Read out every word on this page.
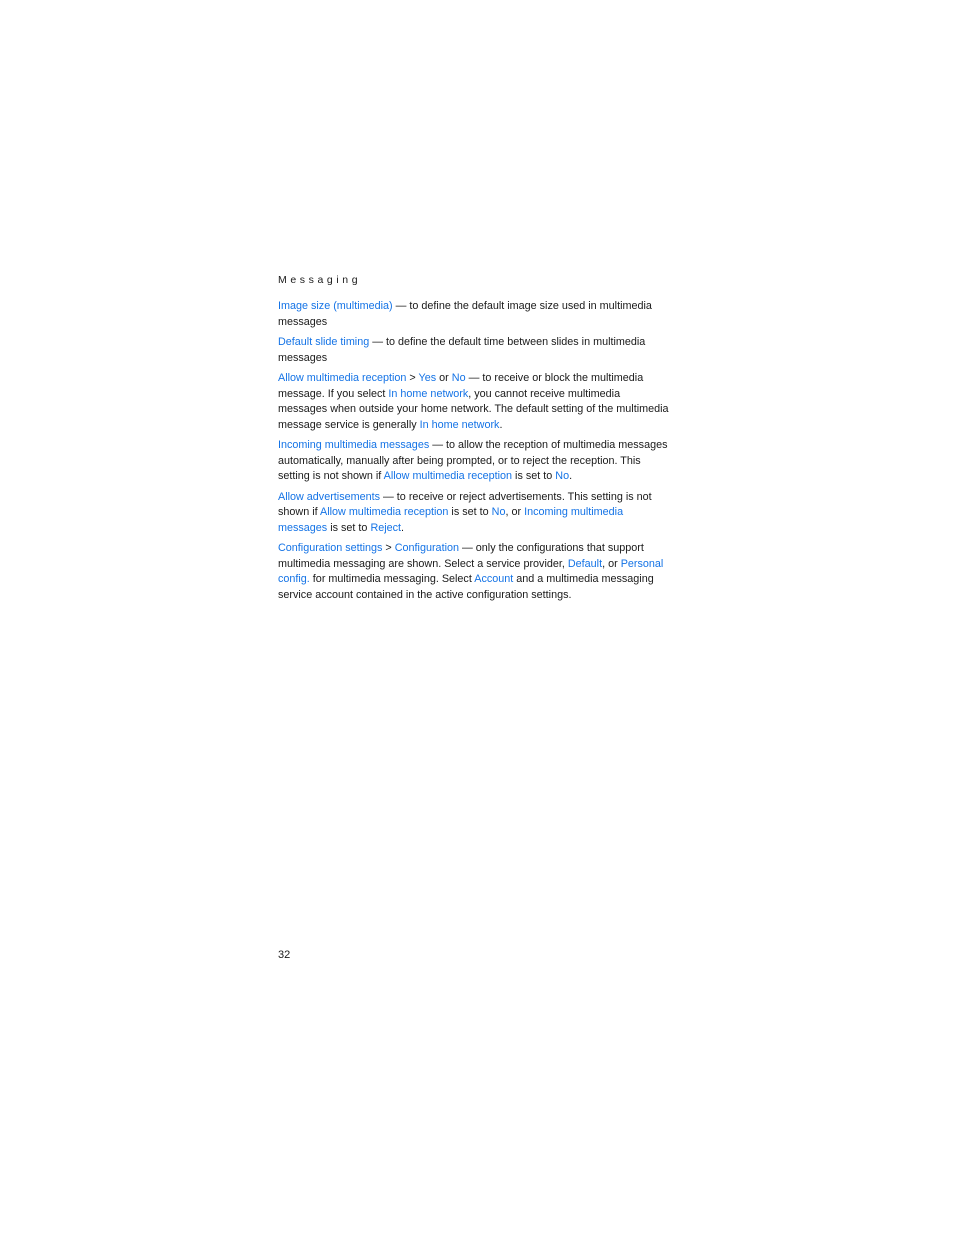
Messaging

Image size (multimedia) — to define the default image size used in multimedia messages

Default slide timing — to define the default time between slides in multimedia messages

Allow multimedia reception > Yes or No — to receive or block the multimedia message. If you select In home network, you cannot receive multimedia messages when outside your home network. The default setting of the multimedia message service is generally In home network.

Incoming multimedia messages — to allow the reception of multimedia messages automatically, manually after being prompted, or to reject the reception. This setting is not shown if Allow multimedia reception is set to No.

Allow advertisements — to receive or reject advertisements. This setting is not shown if Allow multimedia reception is set to No, or Incoming multimedia messages is set to Reject.

Configuration settings > Configuration — only the configurations that support multimedia messaging are shown. Select a service provider, Default, or Personal config. for multimedia messaging. Select Account and a multimedia messaging service account contained in the active configuration settings.

32
